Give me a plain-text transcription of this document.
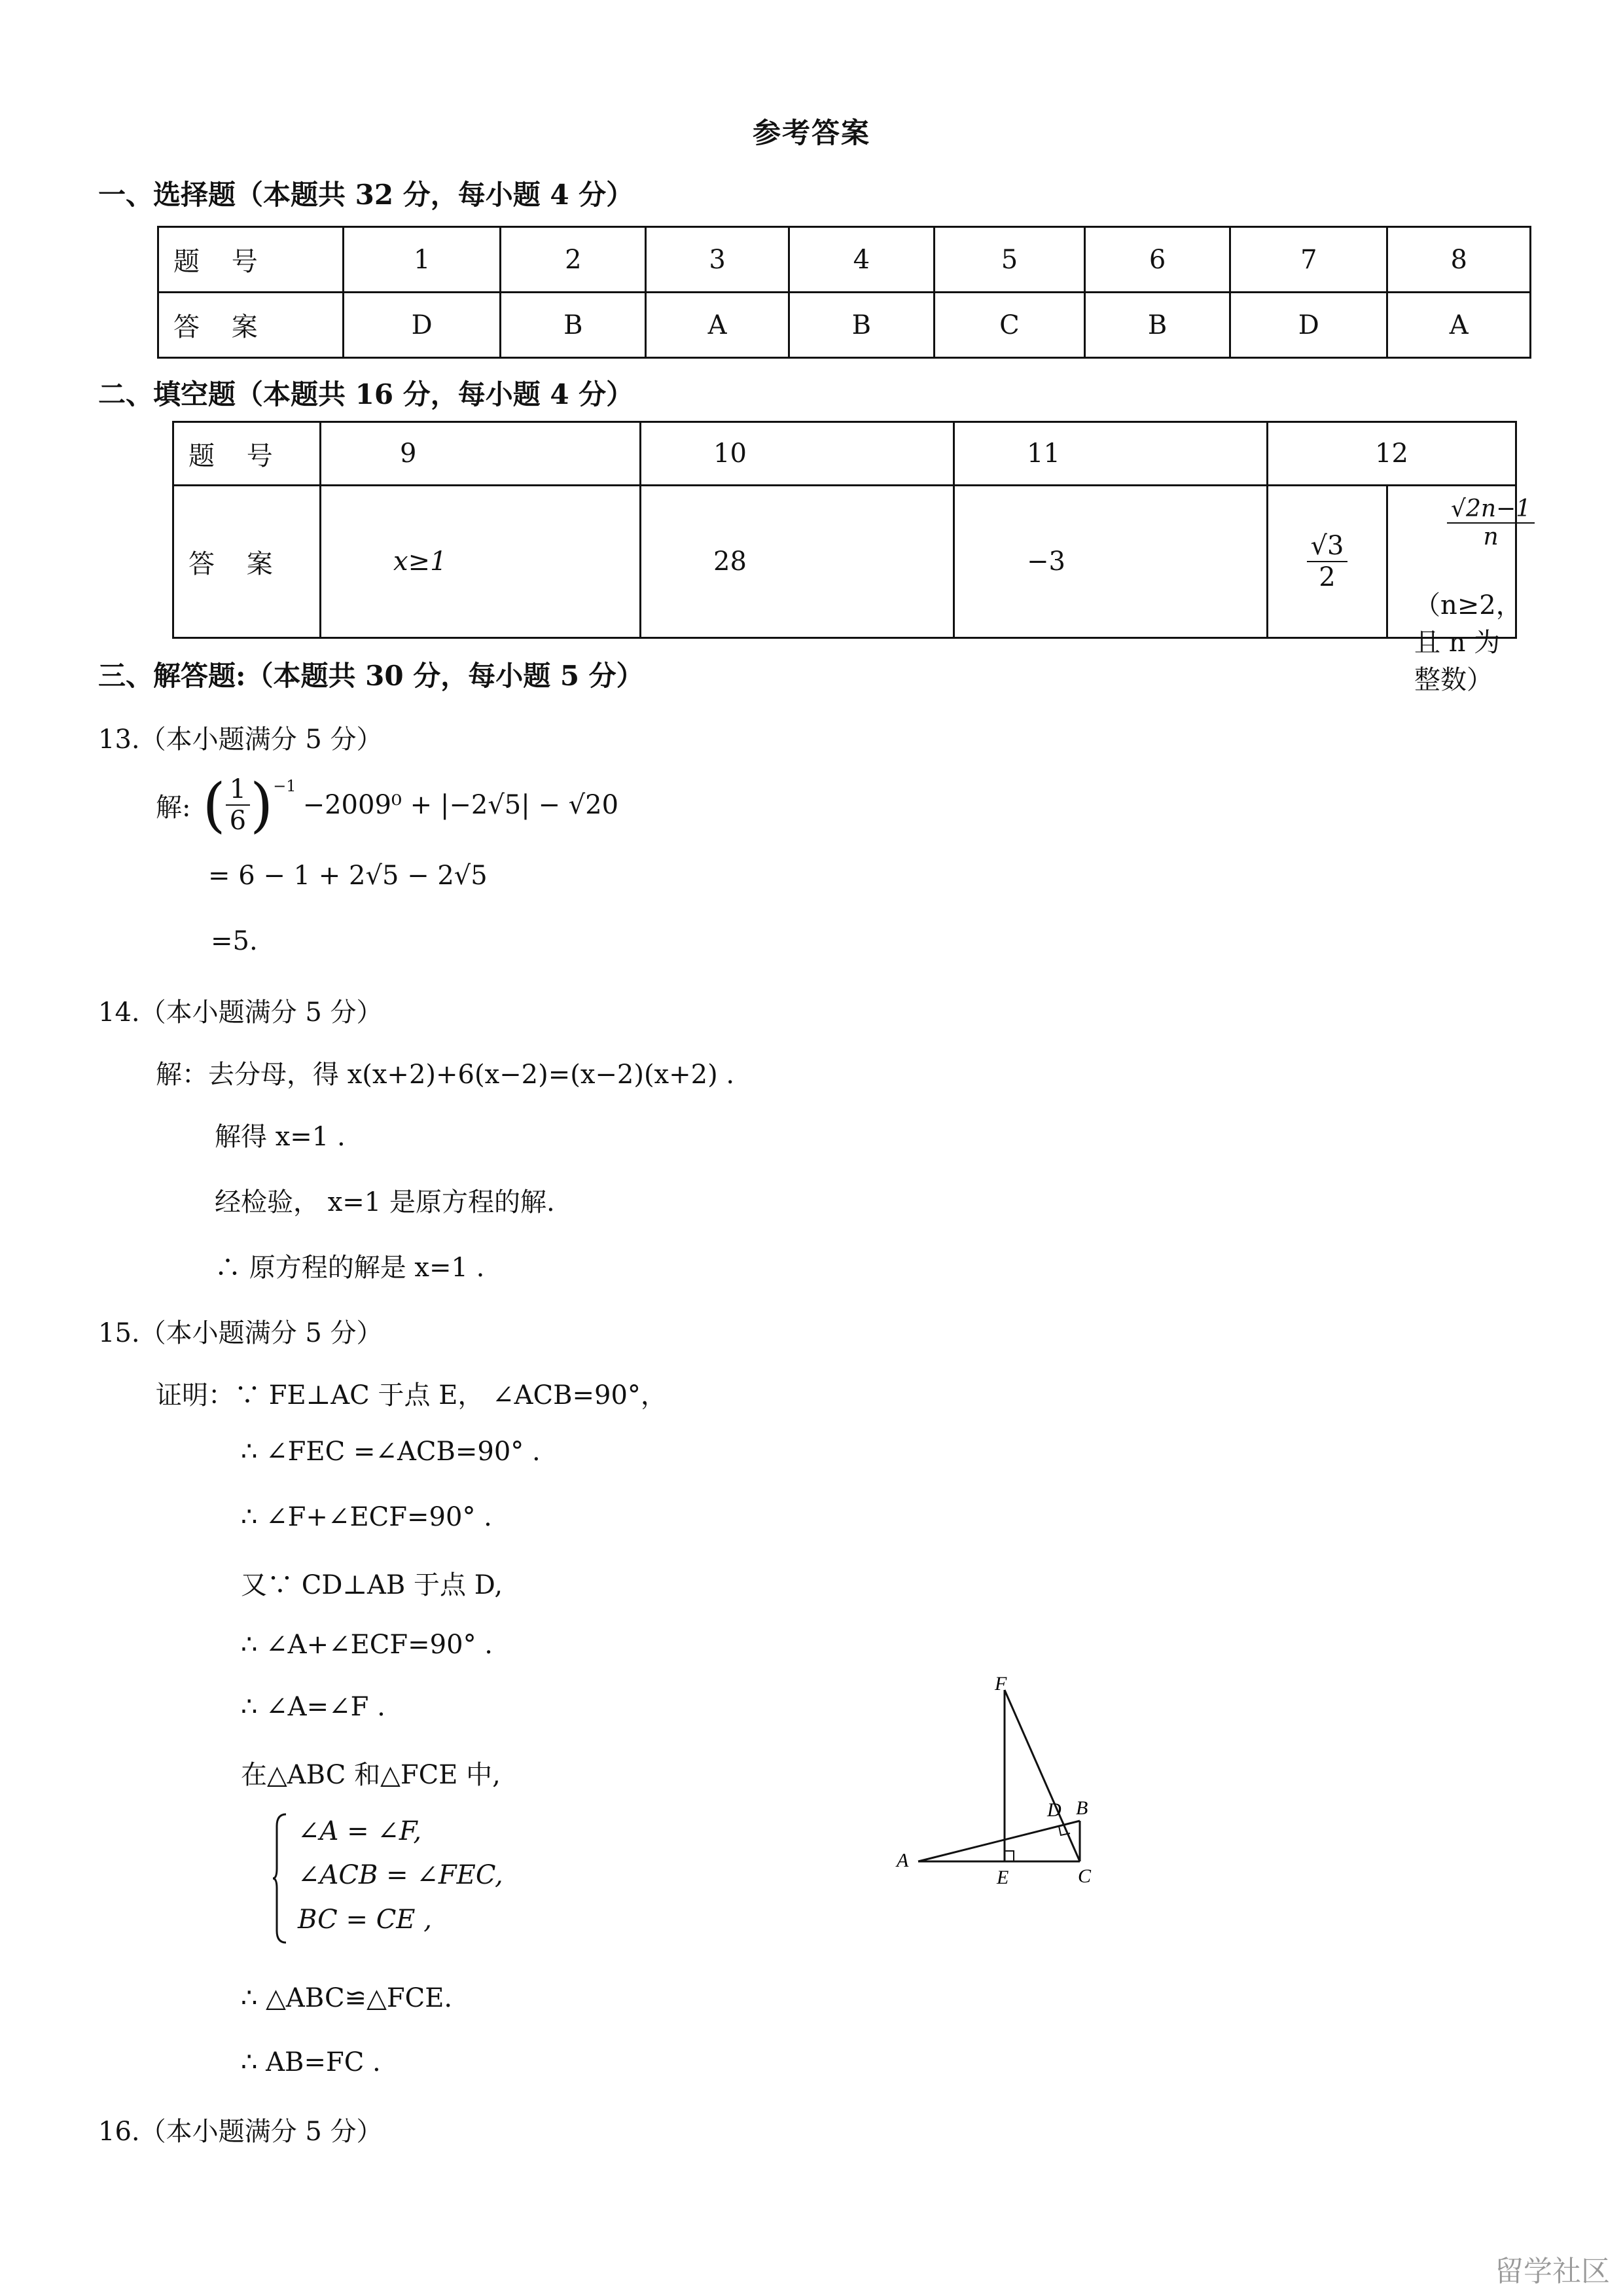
参考答案
一、选择题（本题共 32 分，每小题 4 分）
题 号	1	2	3	4	5	6	7	8
答 案	D	B	A	B	C	B	D	A
二、填空题（本题共 16 分，每小题 4 分）
题 号	9	10	11	12	
答 案	x≥1	28	−3	$\frac{√3}{2}$	$\frac{√2n-1}{n}$
（n≥2，且 n 为整数）
三、解答题:（本题共 30 分，每小题 5 分）
13.（本小题满分 5 分）
解: ( $\frac{1}{6}$ ) −1
−2009⁰ + |−2√5| − √20
= 6 − 1 + 2√5 − 2√5
=5.
14.（本小题满分 5 分）
解：去分母，得 x(x+2)+6(x−2)=(x−2)(x+2) .
解得 x=1 .
经检验， x=1 是原方程的解.
∴ 原方程的解是 x=1 .
15.（本小题满分 5 分）
证明：∵ FE⊥AC 于点 E， ∠ACB=90°，
∴ ∠FEC =∠ACB=90° .
∴ ∠F+∠ECF=90° .
又∵ CD⊥AB 于点 D,
∴ ∠A+∠ECF=90° .
∴ ∠A=∠F .
在△ABC 和△FCE 中,
∠A = ∠F,
∠ACB = ∠FEC,
BC = CE ,
∴ △ABC≌△FCE.
∴ AB=FC .
F
D B
A
E	C
16.（本小题满分 5 分）
留学社区
